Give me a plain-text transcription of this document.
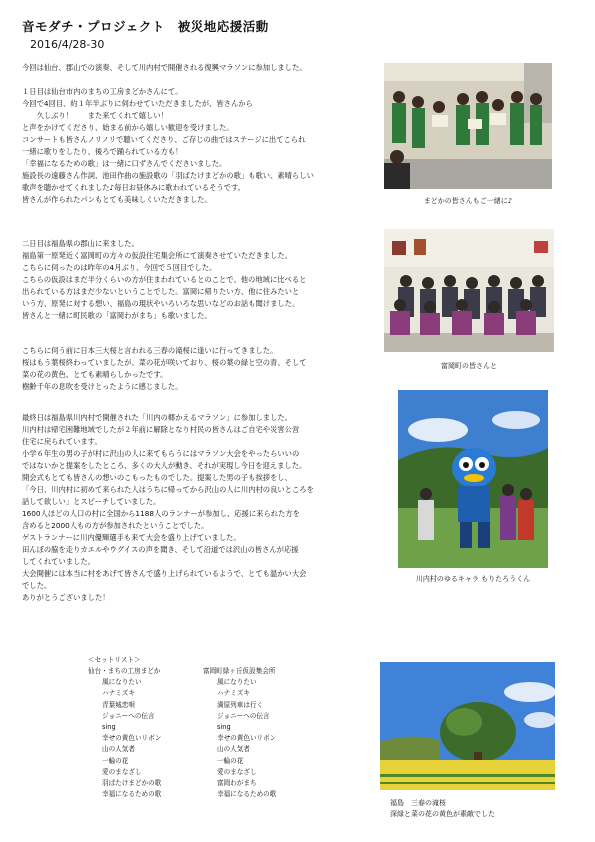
音モダチ・プロジェクト　被災地応援活動
2016/4/28-30

今回は仙台、郡山での演奏、そして川内村で開催される復興マラソンに参加しました。

１日目は仙台市内のまちの工房まどかさんにて。

今回で4回目、約１年半ぶりに伺わせていただきましたが、皆さんから

　　久しぶり！　　また来てくれて嬉しい！

と声をかけてくださり、始まる前から嬉しい歓迎を受けました。

コンサートも皆さんノリノリで聴いてくださり、ご存じの曲ではステージに出てこられ

一緒に歌りをしたり、後ろで踊られている方も！

「幸福になるための歌」は一緒に口ずさんでくださいました。

施設長の遠藤さん作詞、池田作曲の施設歌の「羽ばたけまどかの歌」も歌い、素晴らしい

歌声を聴かせてくれました♪毎日お昼休みに歌われているそうです。

皆さんが作られたパンもとても美味しくいただきました。

二日目は福島県の郡山に来ました。

福島第一原発近く富岡町の方々の仮設住宅集会所にて演奏させていただきました。

こちらに伺ったのは昨年の4月ぶり、今回で５回目でした。

こちらの仮設はまだ半分くらいの方が住まわれているとのことで、他の地域に比べると

出られている方はまだ少ないということでした。富岡に帰りたい方、他に住みたいと

いう方、原発に対する想い、福島の現状やいろいろな思いなどのお話も聞けました。

皆さんと一緒に町民歌の「富岡わがまち」も歌いました。

こちらに伺う前に日本三大桜と言われる三春の滝桜に逢いに行ってきました。

桜はもう葉桜終わっていましたが、菜の花が咲いており、桜の葉の緑と空の青、そして

菜の花の黄色、とても素晴らしかったです。

樹齢千年の息吹を受けとったように感じました。

最終日は福島県川内村で開催された「川内の郷かえるマラソン」に参加しました。

川内村は帰宅困難地域でしたが２年前に解除となり村民の皆さんはご自宅や災害公営

住宅に戻られています。

小学６年生の男の子が村に沢山の人に来てもらうにはマラソン大会をやったらいいの

ではないかと提案をしたところ、多くの大人が動き、それが実現し今日を迎えました。

開会式もとても皆さんの想いのこもったものでした。提案した男の子も挨拶をし、

「今日、川内村に初めて来られた人はうちに帰ってから沢山の人に川内村の良いところを

話して欲しい」とスピーチしていました。

1600人ほどの人口の村に全国から1188人のランナーが参加し、応援に来られた方を

含めると2000人もの方が参加されたということでした。

ゲストランナーに川内優輝選手も来て大会を盛り上げていました。

田んぼの脇を走りカエルやウグイスの声を聞き、そして沿道では沢山の皆さんが応援

してくれていました。

大会開催には本当に村をあげて皆さんで盛り上げられているようで、とても温かい大会

でした。

ありがとうございました！

まどかの皆さんもご一緒に♪
富岡町の皆さんと
川内村のゆるキャラ もりたろうくん
＜セットリスト＞
仙台・まちの工房まどか
風になりたい
ハナミズキ
青葉城恋唄
ジョニーへの伝言
sing
幸せの黄色いリボン
山の人気者
一輪の花
愛のまなざし
羽ばたけまどかの歌
幸福になるための歌
富岡町緑ヶ丘仮設集会所
風になりたい
ハナミズキ
満原列車は行く
ジョニーへの伝言
sing
幸せの黄色いリボン
山の人気者
一輪の花
愛のまなざし
富岡わがまち
幸福になるための歌
福島　三春の滝桜
深緑と菜の花の黄色が素敵でした
